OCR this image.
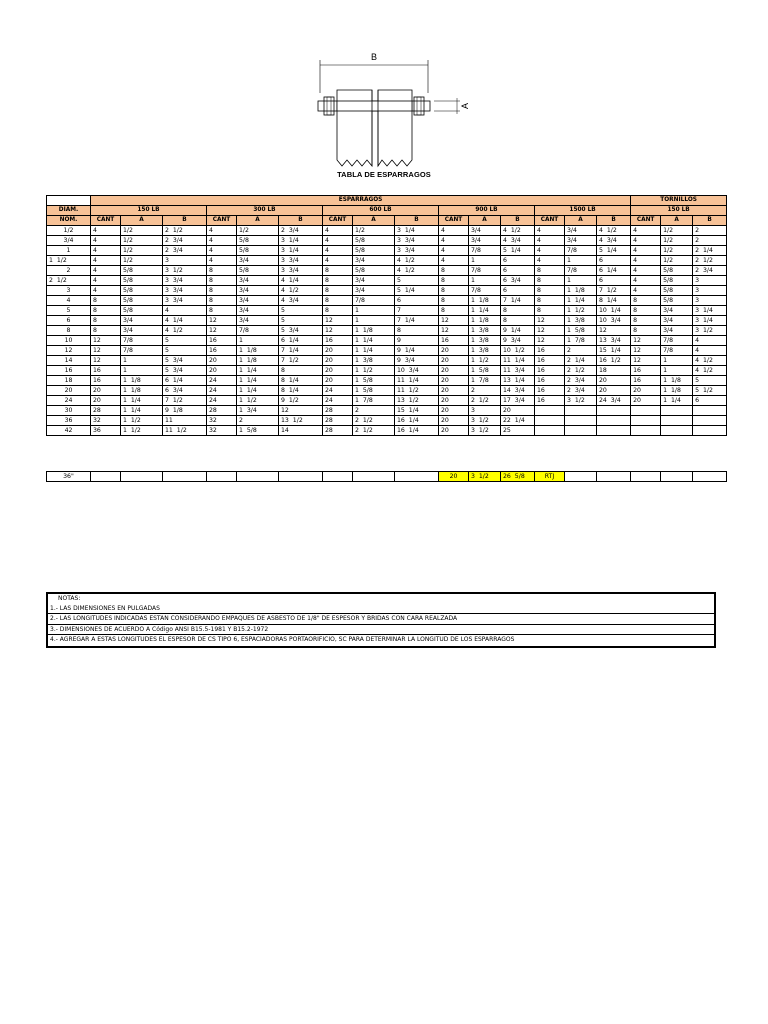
B
A
TABLA DE ESPARRAGOS
	ESPARRAGOS															TORNILLOS		
DIAM.	150 LB			300 LB			600 LB			900 LB			1500 LB			150 LB		
NOM.	CANT	A	B	CANT	A	B	CANT	A	B	CANT	A	B	CANT	A	B	CANT	A	B
1/2	4	1/2	2  1/2	4	1/2	2  3/4	4	1/2	3  1/4	4	3/4	4  1/2	4	3/4	4  1/2	4	1/2	2
3/4	4	1/2	2  3/4	4	5/8	3  1/4	4	5/8	3  3/4	4	3/4	4  3/4	4	3/4	4  3/4	4	1/2	2
1	4	1/2	2  3/4	4	5/8	3  1/4	4	5/8	3  3/4	4	7/8	5  1/4	4	7/8	5  1/4	4	1/2	2  1/4
1  1/2	4	1/2	3	4	3/4	3  3/4	4	3/4	4  1/2	4	1	6	4	1	6	4	1/2	2  1/2
2	4	5/8	3  1/2	8	5/8	3  3/4	8	5/8	4  1/2	8	7/8	6	8	7/8	6  1/4	4	5/8	2  3/4
2  1/2	4	5/8	3  3/4	8	3/4	4  1/4	8	3/4	5	8	1	6  3/4	8	1	6	4	5/8	3
3	4	5/8	3  3/4	8	3/4	4  1/2	8	3/4	5  1/4	8	7/8	6	8	1  1/8	7  1/2	4	5/8	3
4	8	5/8	3  3/4	8	3/4	4  3/4	8	7/8	6	8	1  1/8	7  1/4	8	1  1/4	8  1/4	8	5/8	3
5	8	5/8	4	8	3/4	5	8	1	7	8	1  1/4	8	8	1  1/2	10  1/4	8	3/4	3  1/4
6	8	3/4	4  1/4	12	3/4	5	12	1	7  1/4	12	1  1/8	8	12	1  3/8	10  3/4	8	3/4	3  1/4
8	8	3/4	4  1/2	12	7/8	5  3/4	12	1  1/8	8	12	1  3/8	9  1/4	12	1  5/8	12	8	3/4	3  1/2
10	12	7/8	5	16	1	6  1/4	16	1  1/4	9	16	1  3/8	9  3/4	12	1  7/8	13  3/4	12	7/8	4
12	12	7/8	5	16	1  1/8	7  1/4	20	1  1/4	9  1/4	20	1  3/8	10  1/2	16	2	15  1/4	12	7/8	4
14	12	1	5  3/4	20	1  1/8	7  1/2	20	1  3/8	9  3/4	20	1  1/2	11  1/4	16	2  1/4	16  1/2	12	1	4  1/2
16	16	1	5  3/4	20	1  1/4	8	20	1  1/2	10  3/4	20	1  5/8	11  3/4	16	2  1/2	18	16	1	4  1/2
18	16	1  1/8	6  1/4	24	1  1/4	8  1/4	20	1  5/8	11  1/4	20	1  7/8	13  1/4	16	2  3/4	20	16	1  1/8	5
20	20	1  1/8	6  3/4	24	1  1/4	8  1/4	24	1  5/8	11  1/2	20	2	14  3/4	16	2  3/4	20	20	1  1/8	5  1/2
24	20	1  1/4	7  1/2	24	1  1/2	9  1/2	24	1  7/8	13  1/2	20	2  1/2	17  3/4	16	3  1/2	24  3/4	20	1  1/4	6
30	28	1  1/4	9  1/8	28	1  3/4	12	28	2	15  1/4	20	3	20						
36	32	1  1/2	11	32	2	13  1/2	28	2  1/2	16  1/4	20	3  1/2	22  1/4						
42	36	1  1/2	11  1/2	32	1  5/8	14	28	2  1/2	16  1/4	20	3  1/2	25						
36"										20	3  1/2	26  5/8	RTJ					
NOTAS:
1.- LAS DIMENSIONES EN PULGADAS
2.- LAS LONGITUDES INDICADAS ESTAN CONSIDERANDO EMPAQUES DE ASBESTO DE 1/8" DE ESPESOR Y BRIDAS CON CARA REALZADA
3.- DIMENSIONES DE ACUERDO A Código ANSI B15.5-1981 Y B15.2-1972
4.- AGREGAR A ESTAS LONGITUDES EL ESPESOR DE CS TIPO 6, ESPACIADORAS PORTAORIFICIO, SC PARA DETERMINAR LA LONGITUD DE LOS ESPARRAGOS
